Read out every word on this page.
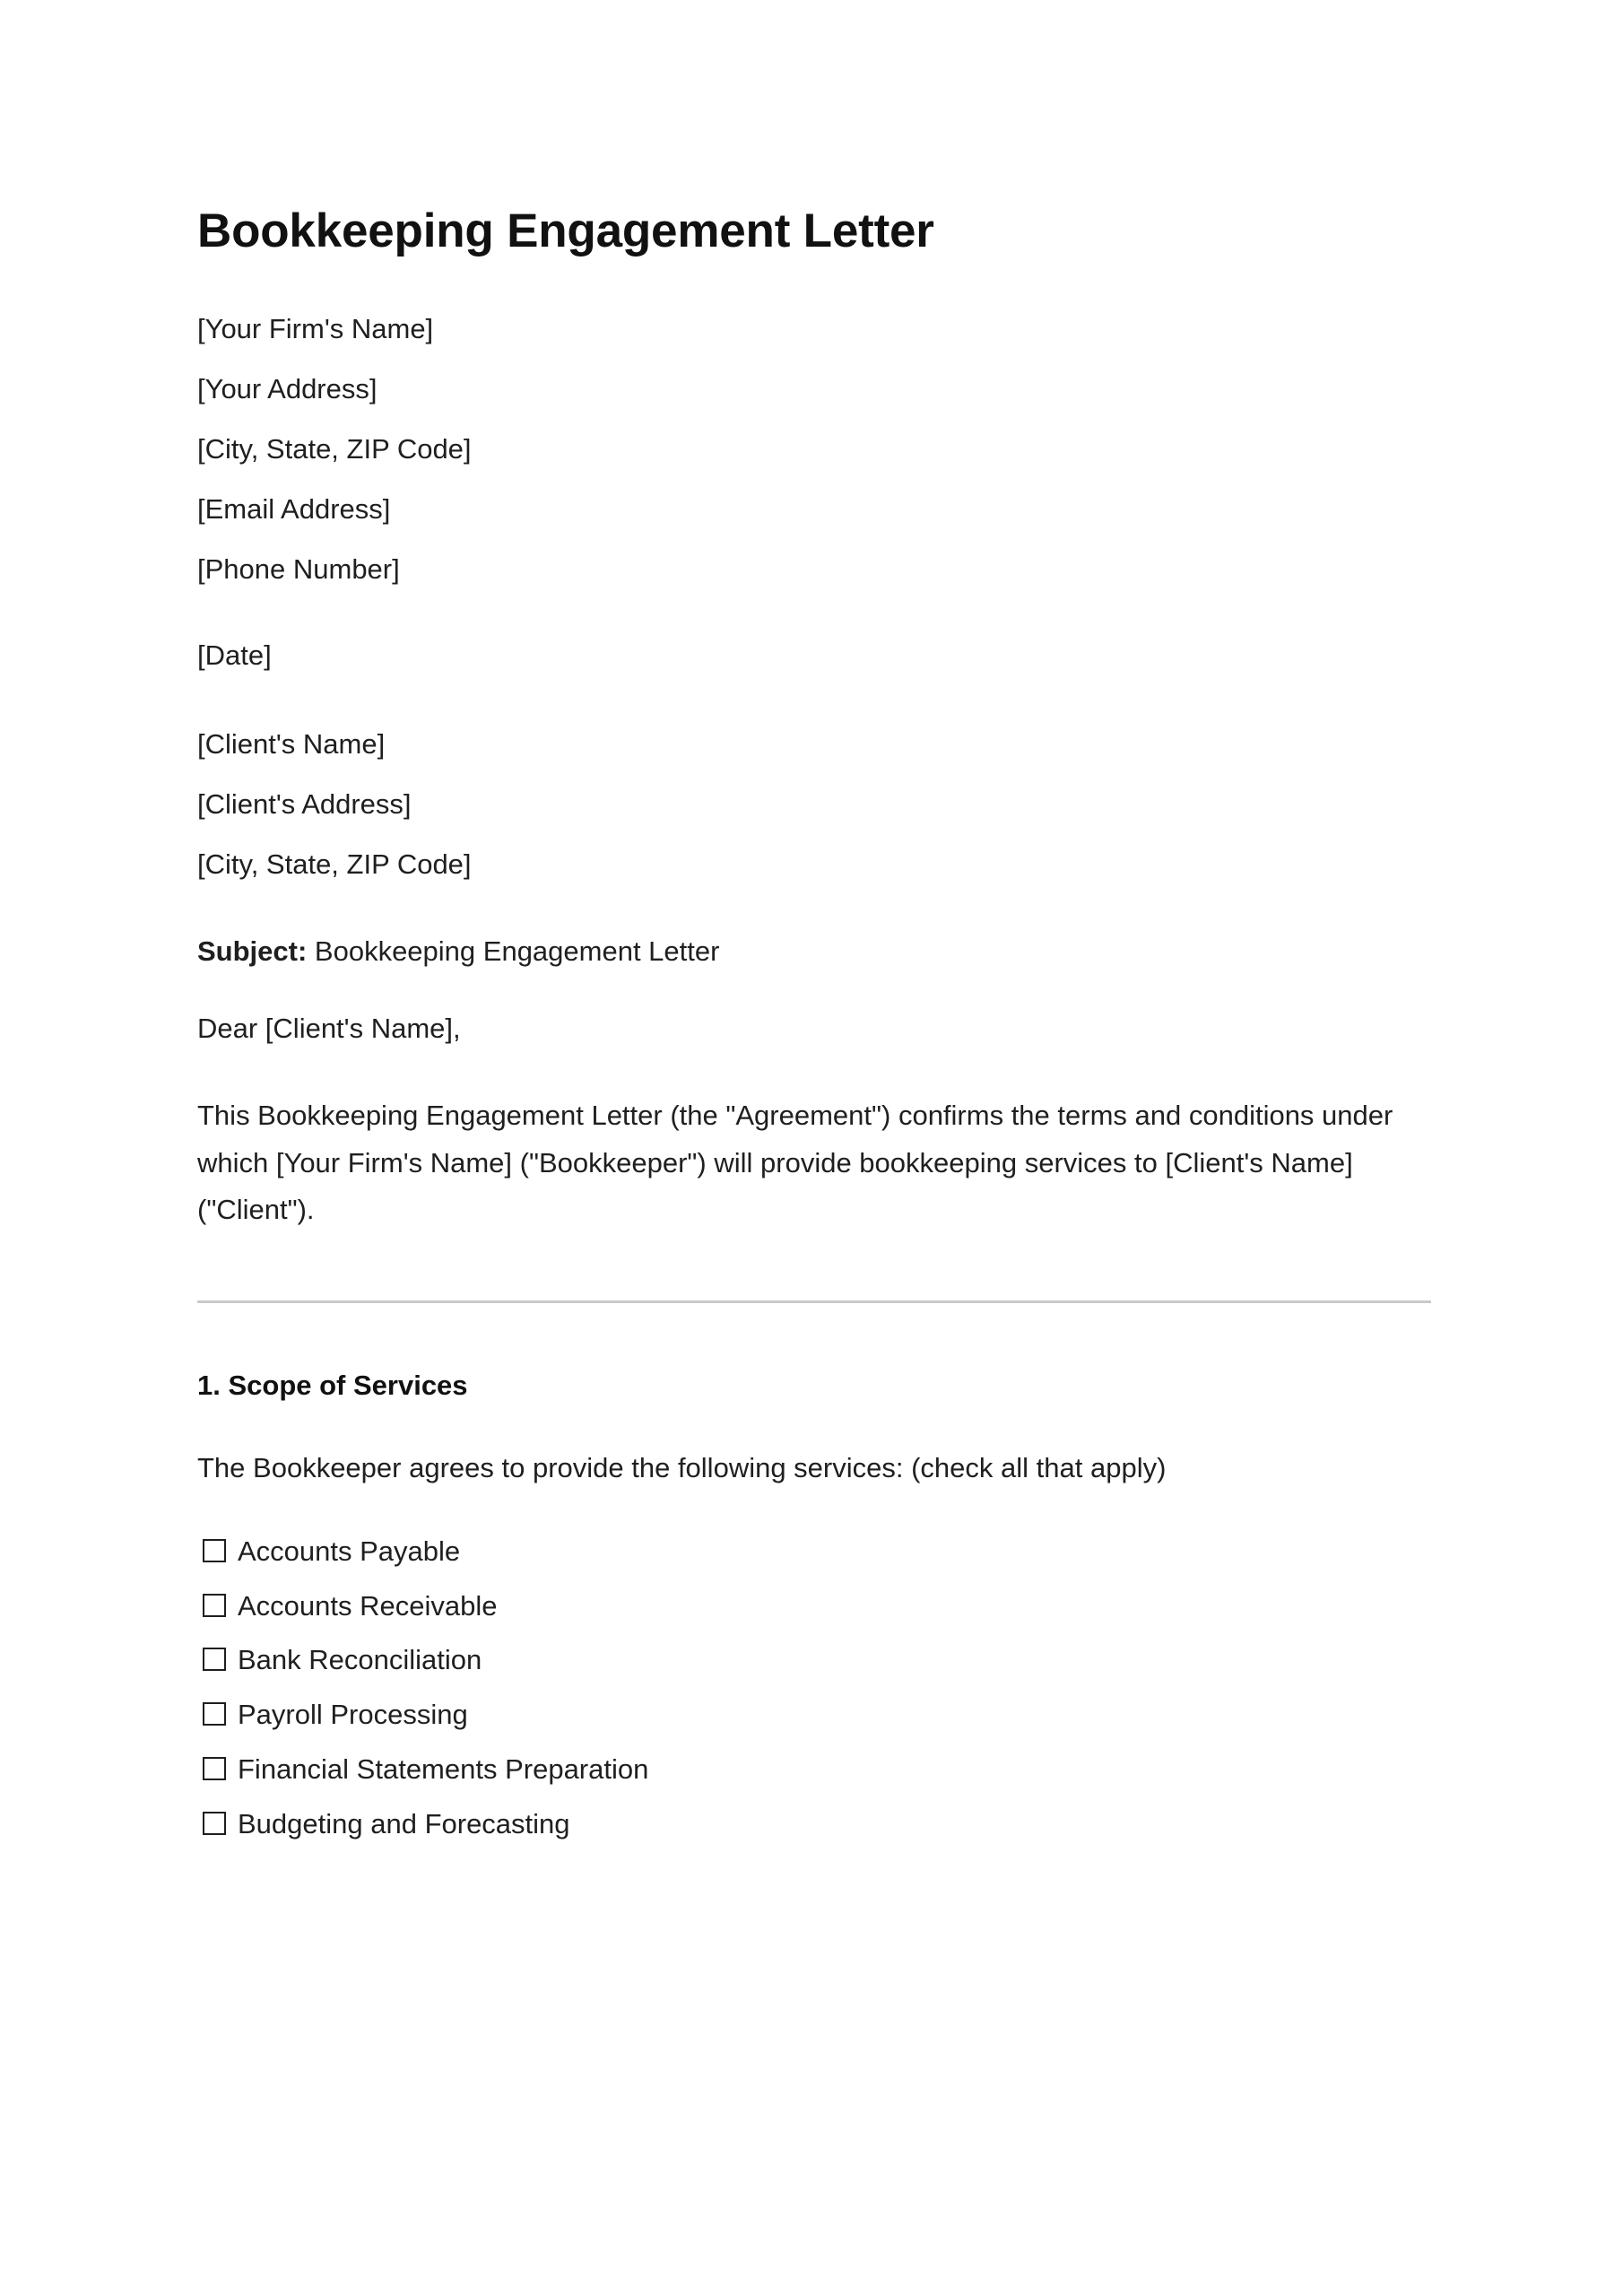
Bookkeeping Engagement Letter

[Your Firm's Name]

[Your Address]

[City, State, ZIP Code]

[Email Address]

[Phone Number]

[Date]

[Client's Name]

[Client's Address]

[City, State, ZIP Code]

Subject: Bookkeeping Engagement Letter

Dear [Client's Name],

This Bookkeeping Engagement Letter (the "Agreement") confirms the terms and conditions under which [Your Firm's Name] ("Bookkeeper") will provide bookkeeping services to [Client's Name] ("Client").

1. Scope of Services

The Bookkeeper agrees to provide the following services: (check all that apply)

Accounts Payable
Accounts Receivable
Bank Reconciliation
Payroll Processing
Financial Statements Preparation
Budgeting and Forecasting
